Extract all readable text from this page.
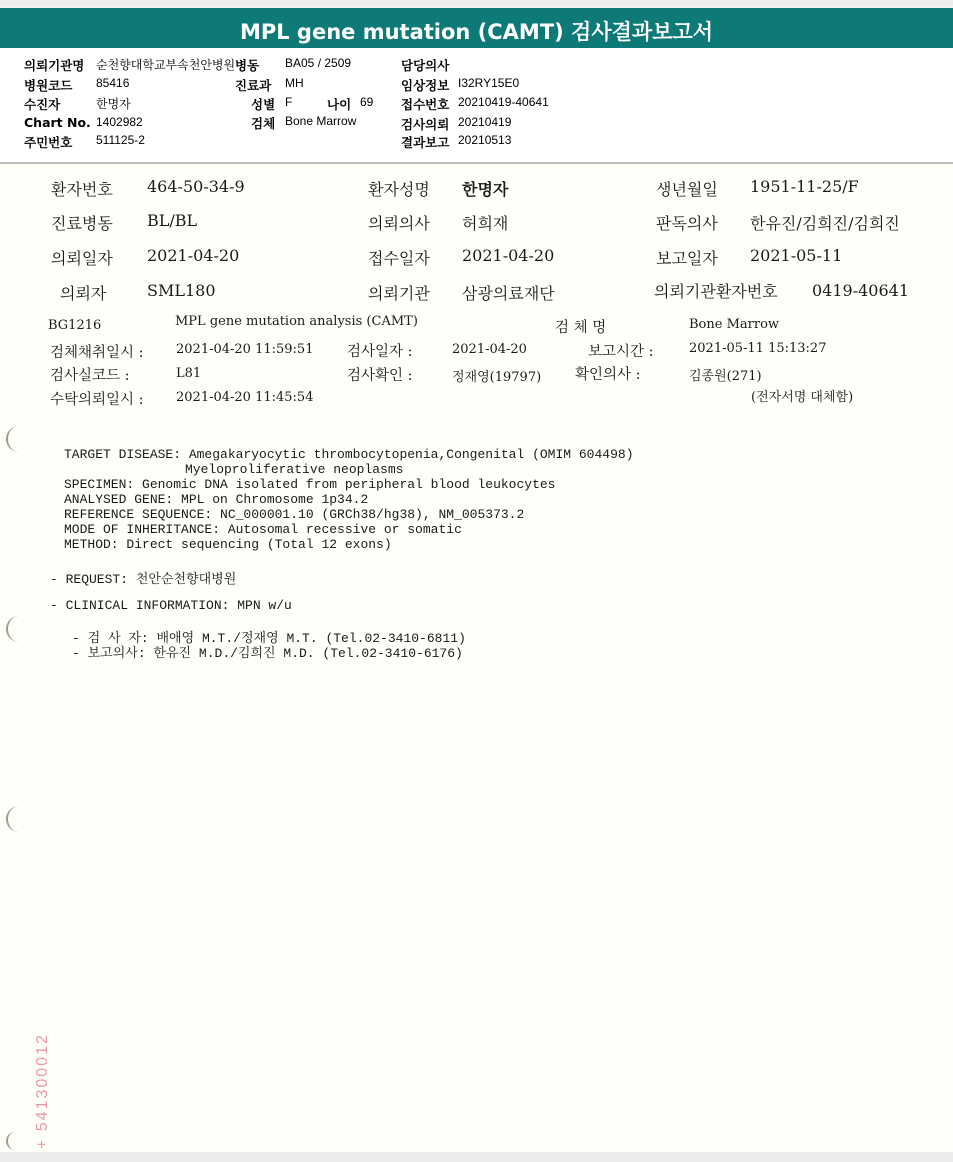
MPL gene mutation (CAMT) 검사결과보고서
의뢰기관명 순천향대학교부속천안병원 병동 BA05 / 2509	담당의사
병원코드 85416	진료과 MH	임상정보 I32RY15E0
수진자	한명자	성별 F	나이 69 접수번호 20210419-40641
Chart No. 1402982	검체 Bone Marrow	검사의뢰 20210419
주민번호 511125-2	결과보고 20210513
환자번호 464-50-34-9	환자성명 한명자	생년월일 1951-11-25/F
진료병동 BL/BL	의뢰의사 허희재	판독의사 한유진/김희진/김희진
의뢰일자 2021-04-20	접수일자 2021-04-20	보고일자 2021-05-11
의뢰자	SML180	의뢰기관 삼광의료재단	의뢰기관환자번호 0419-40641
BG1216	MPL gene mutation analysis (CAMT)	검 체 명	Bone Marrow
검체채취일시 : 2021-04-20 11:59:51 검사일자 :	2021-04-20	보고시간 :	2021-05-11 15:13:27
검사실코드 :	L81	검사확인 :	정재영(19797) 확인의사 :	김종원(271)
수탁의뢰일시 : 2021-04-20 11:45:54	(전자서명 대체함)
TARGET DISEASE: Amegakaryocytic thrombocytopenia,Congenital (OMIM 604498)
Myeloproliferative neoplasms
SPECIMEN: Genomic DNA isolated from peripheral blood leukocytes
ANALYSED GENE: MPL on Chromosome 1p34.2
REFERENCE SEQUENCE: NC_000001.10 (GRCh38/hg38), NM_005373.2
MODE OF INHERITANCE: Autosomal recessive or somatic
METHOD: Direct sequencing (Total 12 exons)
- REQUEST: 천안순천향대병원
- CLINICAL INFORMATION: MPN w/u
- 검 사 자: 배애영 M.T./정재영 M.T. (Tel.02-3410-6811)
- 보고의사: 한유진 M.D./김희진 M.D. (Tel.02-3410-6176)
+ 541300012
